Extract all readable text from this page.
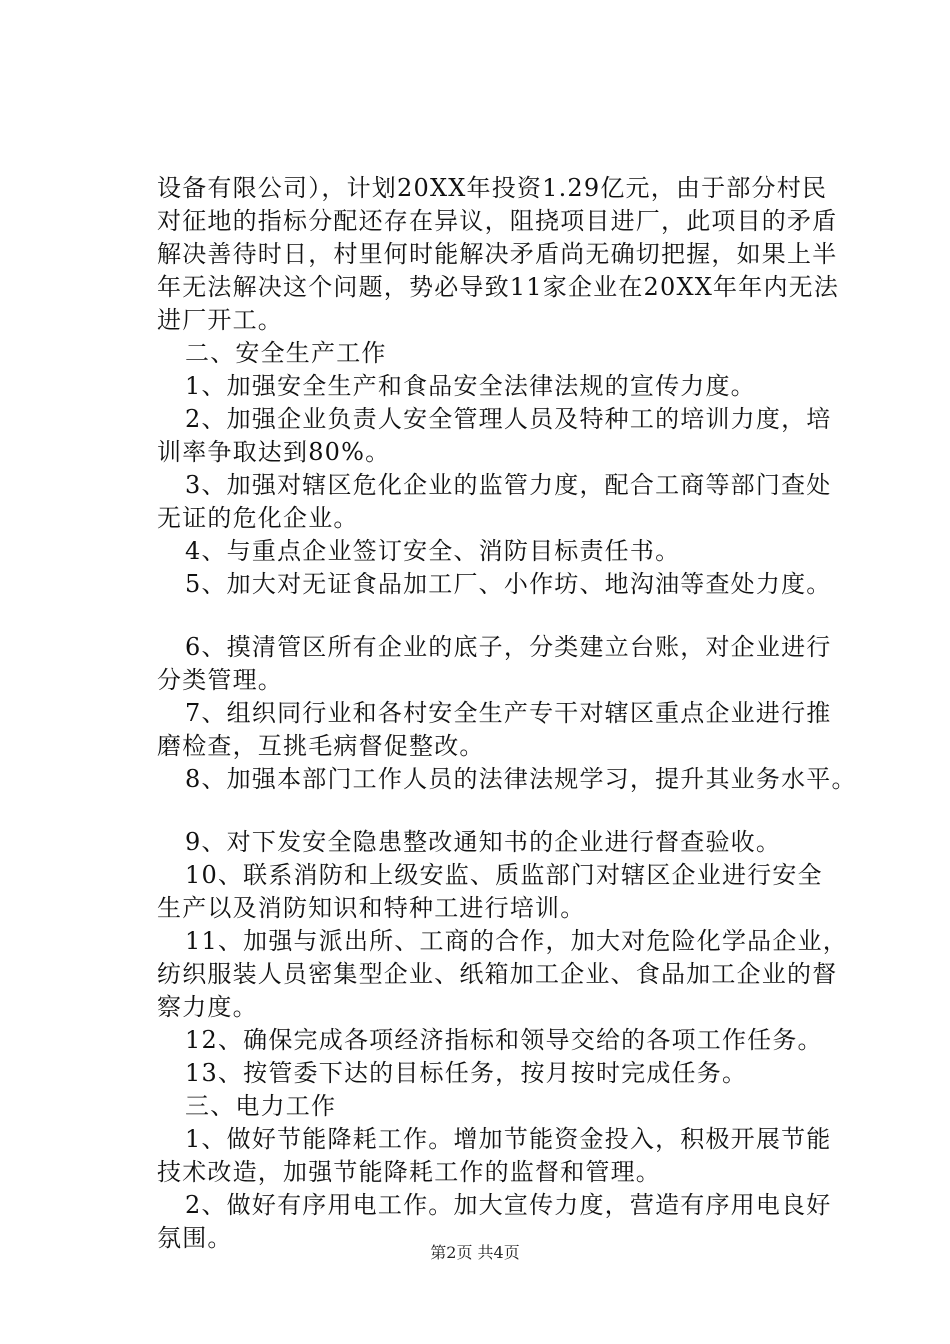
设备有限公司），计划20XX年投资1.29亿元，由于部分村民
对征地的指标分配还存在异议，阻挠项目进厂，此项目的矛盾
解决善待时日，村里何时能解决矛盾尚无确切把握，如果上半
年无法解决这个问题，势必导致11家企业在20XX年年内无法
进厂开工。
二、安全生产工作
1、加强安全生产和食品安全法律法规的宣传力度。
2、加强企业负责人安全管理人员及特种工的培训力度，培
训率争取达到80%。
3、加强对辖区危化企业的监管力度，配合工商等部门查处
无证的危化企业。
4、与重点企业签订安全、消防目标责任书。
5、加大对无证食品加工厂、小作坊、地沟油等查处力度。
6、摸清管区所有企业的底子，分类建立台账，对企业进行
分类管理。
7、组织同行业和各村安全生产专干对辖区重点企业进行推
磨检查，互挑毛病督促整改。
8、加强本部门工作人员的法律法规学习，提升其业务水平。
9、对下发安全隐患整改通知书的企业进行督查验收。
10、联系消防和上级安监、质监部门对辖区企业进行安全
生产以及消防知识和特种工进行培训。
11、加强与派出所、工商的合作，加大对危险化学品企业，
纺织服装人员密集型企业、纸箱加工企业、食品加工企业的督
察力度。
12、确保完成各项经济指标和领导交给的各项工作任务。
13、按管委下达的目标任务，按月按时完成任务。
三、电力工作
1、做好节能降耗工作。增加节能资金投入，积极开展节能
技术改造，加强节能降耗工作的监督和管理。
2、做好有序用电工作。加大宣传力度，营造有序用电良好
氛围。
第2页 共4页
